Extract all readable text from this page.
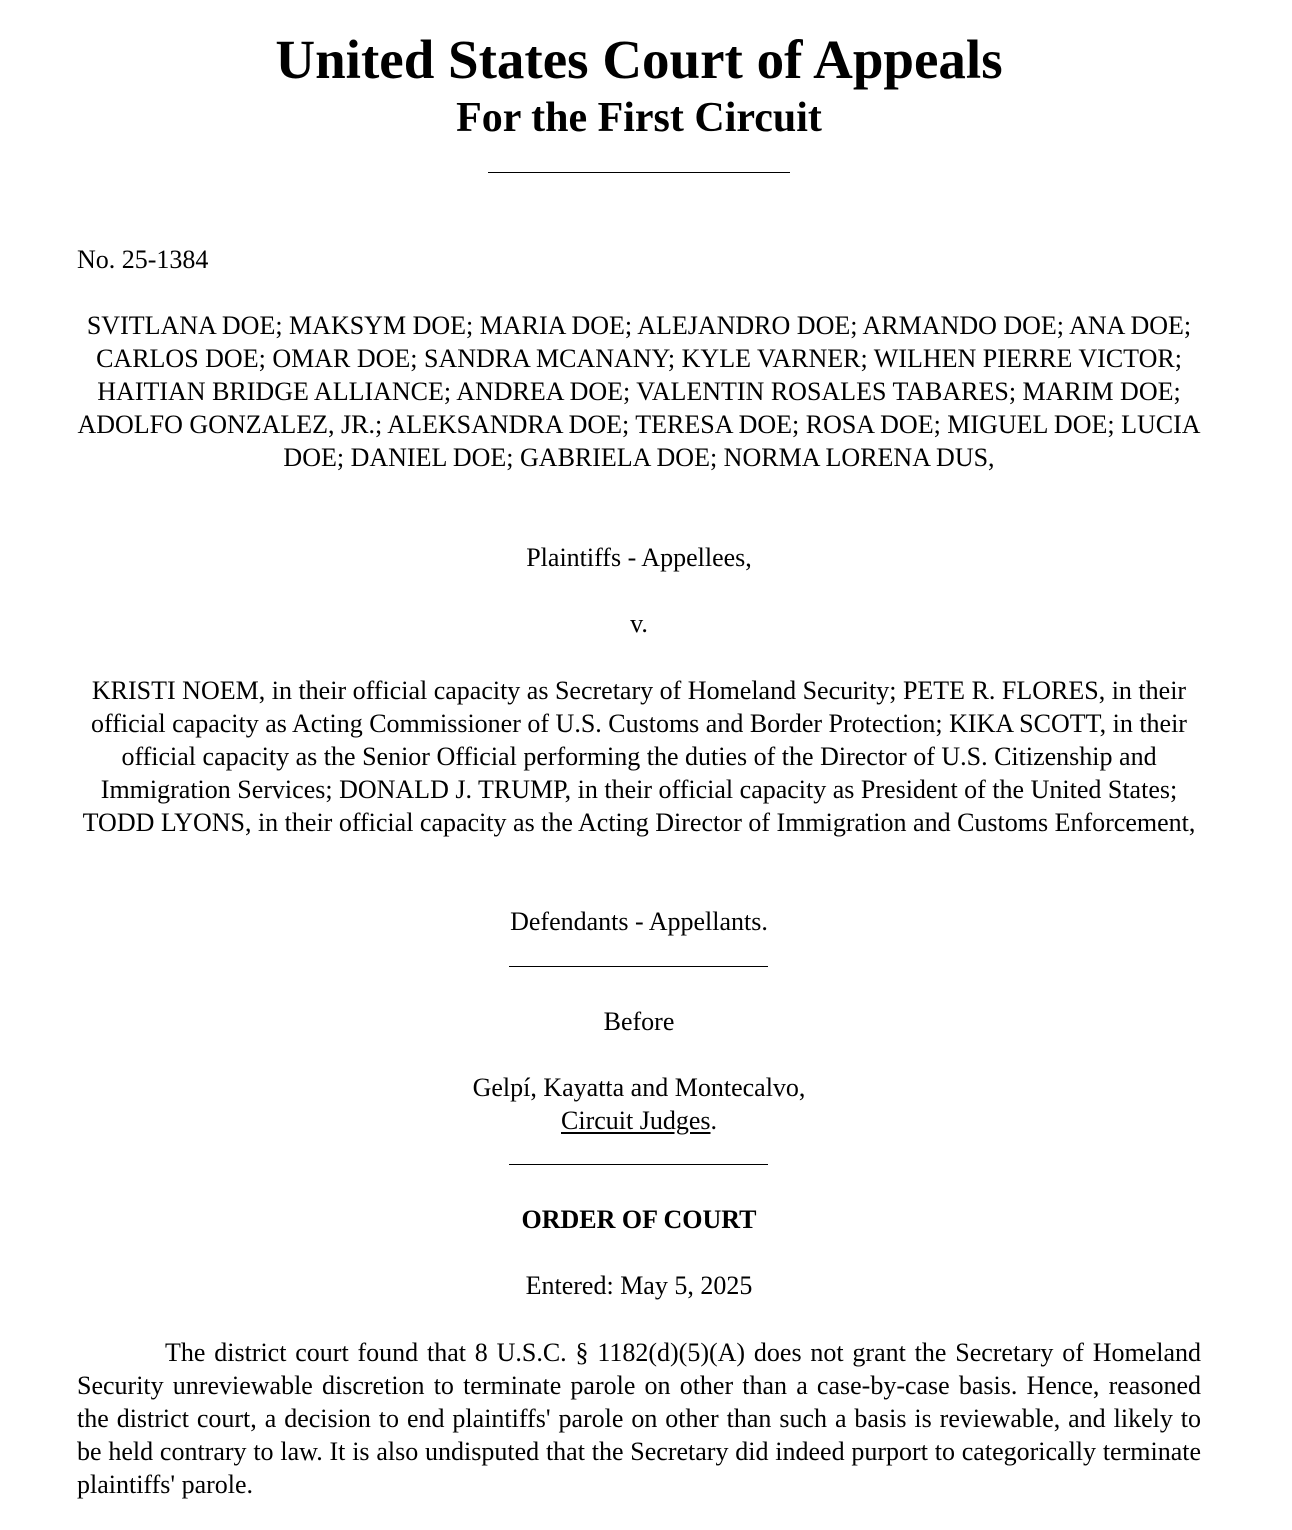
United States Court of Appeals
For the First Circuit

No. 25-1384

SVITLANA DOE; MAKSYM DOE; MARIA DOE; ALEJANDRO DOE; ARMANDO DOE; ANA DOE; CARLOS DOE; OMAR DOE; SANDRA MCANANY; KYLE VARNER; WILHEN PIERRE VICTOR; HAITIAN BRIDGE ALLIANCE; ANDREA DOE; VALENTIN ROSALES TABARES; MARIM DOE; ADOLFO GONZALEZ, JR.; ALEKSANDRA DOE; TERESA DOE; ROSA DOE; MIGUEL DOE; LUCIA DOE; DANIEL DOE; GABRIELA DOE; NORMA LORENA DUS,

Plaintiffs - Appellees,

v.

KRISTI NOEM, in their official capacity as Secretary of Homeland Security; PETE R. FLORES, in their official capacity as Acting Commissioner of U.S. Customs and Border Protection; KIKA SCOTT, in their official capacity as the Senior Official performing the duties of the Director of U.S. Citizenship and Immigration Services; DONALD J. TRUMP, in their official capacity as President of the United States; TODD LYONS, in their official capacity as the Acting Director of Immigration and Customs Enforcement,

Defendants - Appellants.

Before

Gelpí, Kayatta and Montecalvo,

Circuit Judges.

ORDER OF COURT

Entered: May 5, 2025

The district court found that 8 U.S.C. § 1182(d)(5)(A) does not grant the Secretary of Homeland Security unreviewable discretion to terminate parole on other than a case-by-case basis. Hence, reasoned the district court, a decision to end plaintiffs' parole on other than such a basis is reviewable, and likely to be held contrary to law. It is also undisputed that the Secretary did indeed purport to categorically terminate plaintiffs' parole.
